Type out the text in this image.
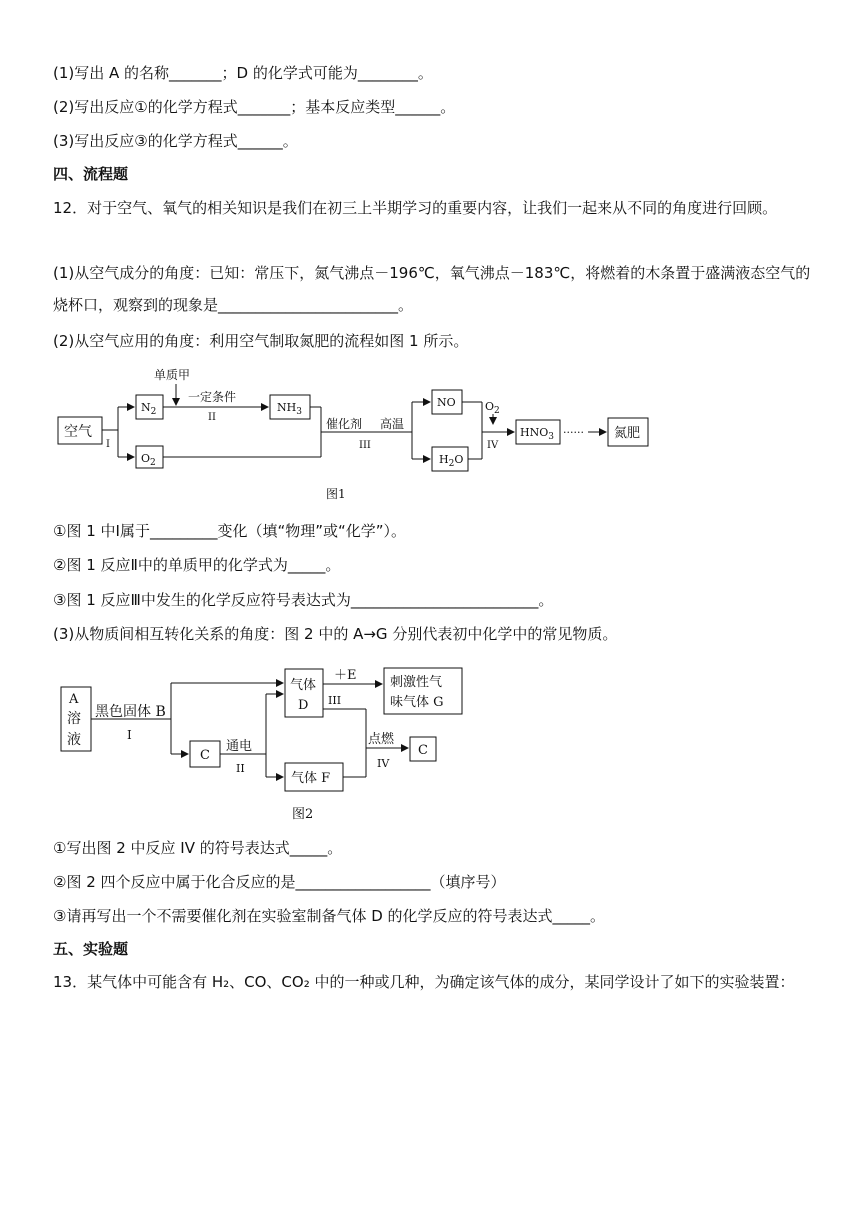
(1)写出 A 的名称_______；D 的化学式可能为________。
(2)写出反应①的化学方程式_______；基本反应类型______。
(3)写出反应③的化学方程式______。
四、流程题
12．对于空气、氧气的相关知识是我们在初三上半期学习的重要内容，让我们一起来从不同的角度进行回顾。
(1)从空气成分的角度：已知：常压下，氮气沸点－196℃，氧气沸点－183℃，将燃着的木条置于盛满液态空气的烧杯口，观察到的现象是________________________。
(2)从空气应用的角度：利用空气制取氮肥的流程如图 1 所示。
空气
I
$N_2$
$O_2$
单质甲
一定条件
II
$NH_3$
催化剂 高温
III
NO
$H_2O$
$O_2$
IV
$HNO_3$ ······ 氮肥
图1
①图 1 中Ⅰ属于_________变化（填“物理”或“化学”）。
②图 1 反应Ⅱ中的单质甲的化学式为_____。
③图 1 反应Ⅲ中发生的化学反应符号表达式为_________________________。
(3)从物质间相互转化关系的角度：图 2 中的 A→G 分别代表初中化学中的常见物质。
A
溶
液
黑色固体 B
I
C
通电
II
气体
D
＋E
III
刺激性气
味气体 G
点燃
IV
C
气体 F
图2
①写出图 2 中反应 IV 的符号表达式_____。
②图 2 四个反应中属于化合反应的是__________________（填序号）
③请再写出一个不需要催化剂在实验室制备气体 D 的化学反应的符号表达式_____。
五、实验题
13．某气体中可能含有 H₂、CO、CO₂ 中的一种或几种，为确定该气体的成分，某同学设计了如下的实验装置：
